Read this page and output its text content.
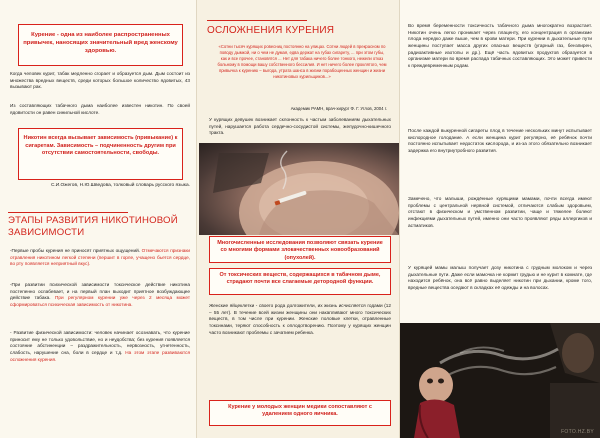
Курение - одна из наиболее распространенных привычек, наносящих значительный вред женскому здоровью.
Когда человек курит, табак медленно сгорает и образуется дым. Дым состоит из множества вредных веществ, среди которых большое количество ядовитых, 43 вызывают рак.
Из составляющих табачного дыма наиболее известен никотин. По своей ядовитости он равен синильной кислоте.
Никотин всегда вызывает зависимость (привыкание) к сигаретам. Зависимость – подчиненность другим при отсутствии самостоятельности, свободы.
С.И.Ожегов, Н.Ю.Шведова, толковый словарь русского языка.
ЭТАПЫ РАЗВИТИЯ НИКОТИНОВОЙ ЗАВИСИМОСТИ
-Первые пробы курения не приносят приятных ощущений. Отмечаются признаки отравления никотином легкой степени (першит в горле, учащено бьется сердце, во рту появляется неприятный вкус).
-При развитии психической зависимости токсическое действие никотина постепенно ослабевает, и на первый план выходит приятное возбуждающее действие табака. При регулярном курении уже через 2 месяца может сформироваться психическая зависимость от никотина.
- Развитие физической зависимости: человек начинает осознавать, что курение приносит ему не только удовольствие, но и неудобства; без курения появляется состояние абстиненции – раздражительность, нервозность, угнетенность, слабость, нарушение сна, боли в сердце и т.д. На этом этапе развиваются осложнения курения.
ОСЛОЖНЕНИЯ КУРЕНИЯ
«Сотни тысяч курящих ровесниц постоянно на улицах. Сотни людей в прекрасном по поводу дымкой, ни о чем не думая, едва держат на губах сигарету, ... при этом губы, как и все прочее, становятся ... Нет для табака ничего более тонкого, нежели отказ больному в помощи вашу собственного бессилия. И нет ничего более проклятого, чем привычка к курению – выгода, утрата шанса в жизни порабощенных женщин и жизни никотиновых курильщиков...»
Академик РАМН, врач-хирург Ф. Г. Углов, 2004 г.
У курящих девушек возникает склонность к частым заболеваниям дыхательных путей, нарушается работа сердечно-сосудистой системы, желудочно-кишечного тракта.
Многочисленные исследования позволяют связать курение со многими формами злокачественных новообразований (опухолей).
От токсических веществ, содержащихся в табачном дыме, страдают почти все слагаемые детородной функции.
Женские яйцеклетки - своего рода долгожители, их жизнь исчисляется годами (12 – 55 лет). В течение всей жизни женщины они накапливают много токсических веществ, в том числе при курении. Женские половые клетки, отравленные токсинами, теряют способность к оплодотворению. Поэтому у курящих женщин часто возникают проблемы с зачатием ребенка.
Курение у молодых женщин медики сопоставляют с удалением одного яичника.
Во время беременности токсичность табачного дыма многократно возрастает. Никотин очень легко проникает через плаценту, его концентрация в организме плода нередко даже выше, чем в крови матери. При курении в дыхательные пути женщины поступает масса других опасных веществ (угарный газ, бензпирен, радиоактивные изотопы и др.). Ещё часть ядовитых продуктов образуется в организме матери во время распада табачных составляющих. Это может привести к преждевременным родам.
После каждой выкуренной сигареты плод в течение нескольких минут испытывает кислородное голодание. А если женщина курит регулярно, её ребёнок почти постоянно испытывает недостаток кислорода, и из-за этого обязательно возникает задержка его внутриутробного развития.
Замечено, что малыши, рождённые курящими мамами, почти всегда имеют проблемы с центральной нервной системой, отличаются слабым здоровьем, отстают в физическом и умственном развитии, чаще и тяжелее болеют инфекциями дыхательных путей, именно они часто проявляют ряды аллергиков и астматиков.
У курящей мамы малыш получает дозу никотина с грудным молоком и через дыхательные пути. Даже если мамочка не кормит грудью и не курит в комнате, где находится ребёнок, она всё равно выделяет никотин при дыхании, кроме того, вредные вещества оседают в складках её одежды и на волосах.
FOTO.HZ.BY
